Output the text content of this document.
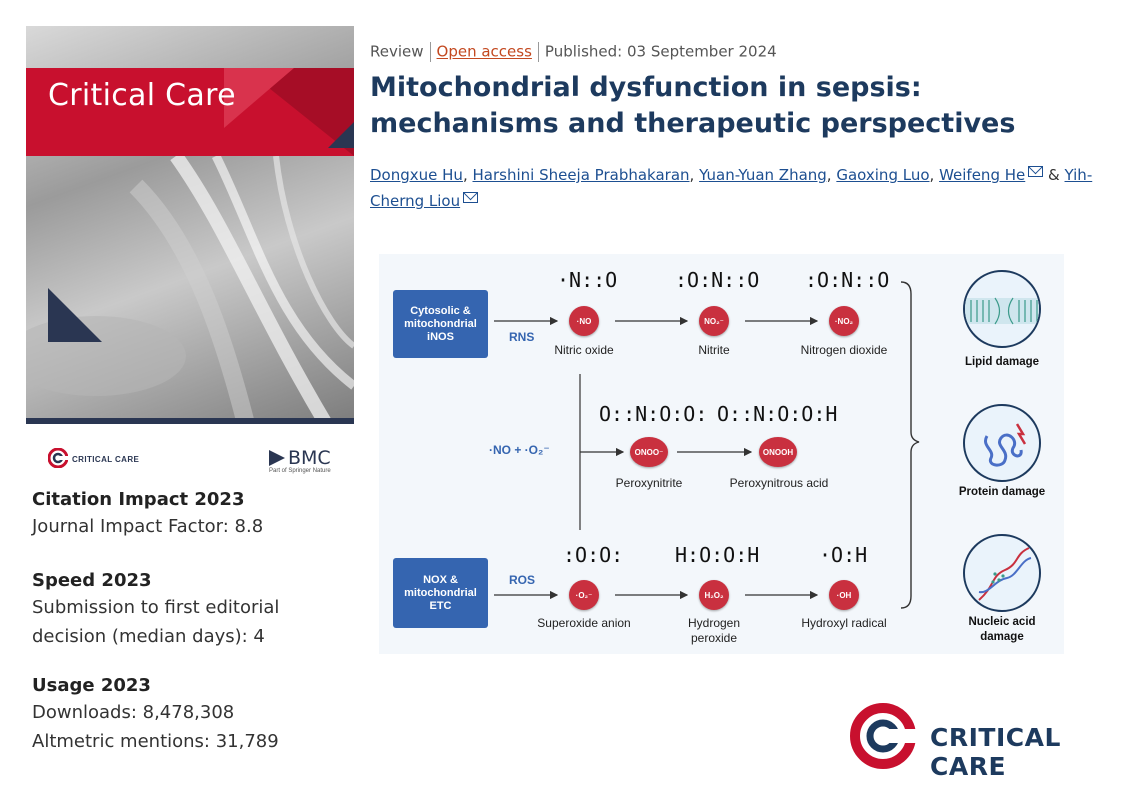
Critical Care
CRITICAL CARE	BMC
Part of Springer Nature
Citation Impact 2023
Journal Impact Factor: 8.8
Speed 2023
Submission to first editorial
decision (median days): 4
Usage 2023
Downloads: 8,478,308
Altmetric mentions: 31,789
Review Open access Published: 03 September 2024
Mitochondrial dysfunction in sepsis: mechanisms and therapeutic perspectives
Dongxue Hu, Harshini Sheeja Prabhakaran, Yuan-Yuan Zhang, Gaoxing Luo, Weifeng He & Yih-Cherng Liou
Cytosolic & mitochondrial iNOS	RNS
NOX & mitochondrial ETC
ROS
·NO + ·O₂⁻
·N::O
·NO
Nitric oxide
:O:N::O
NO₂⁻
Nitrite
:O:N::O
·NO₂
Nitrogen dioxide
O::N:O:O:
ONOO⁻
Peroxynitrite
O::N:O:O:H
ONOOH
Peroxynitrous acid
:O:O:
·O₂⁻
Superoxide anion
H:O:O:H
H₂O₂
Hydrogen peroxide
·O:H
·OH
Hydroxyl radical
Lipid damage
Protein damage
Nucleic acid damage
CRITICAL CARE
